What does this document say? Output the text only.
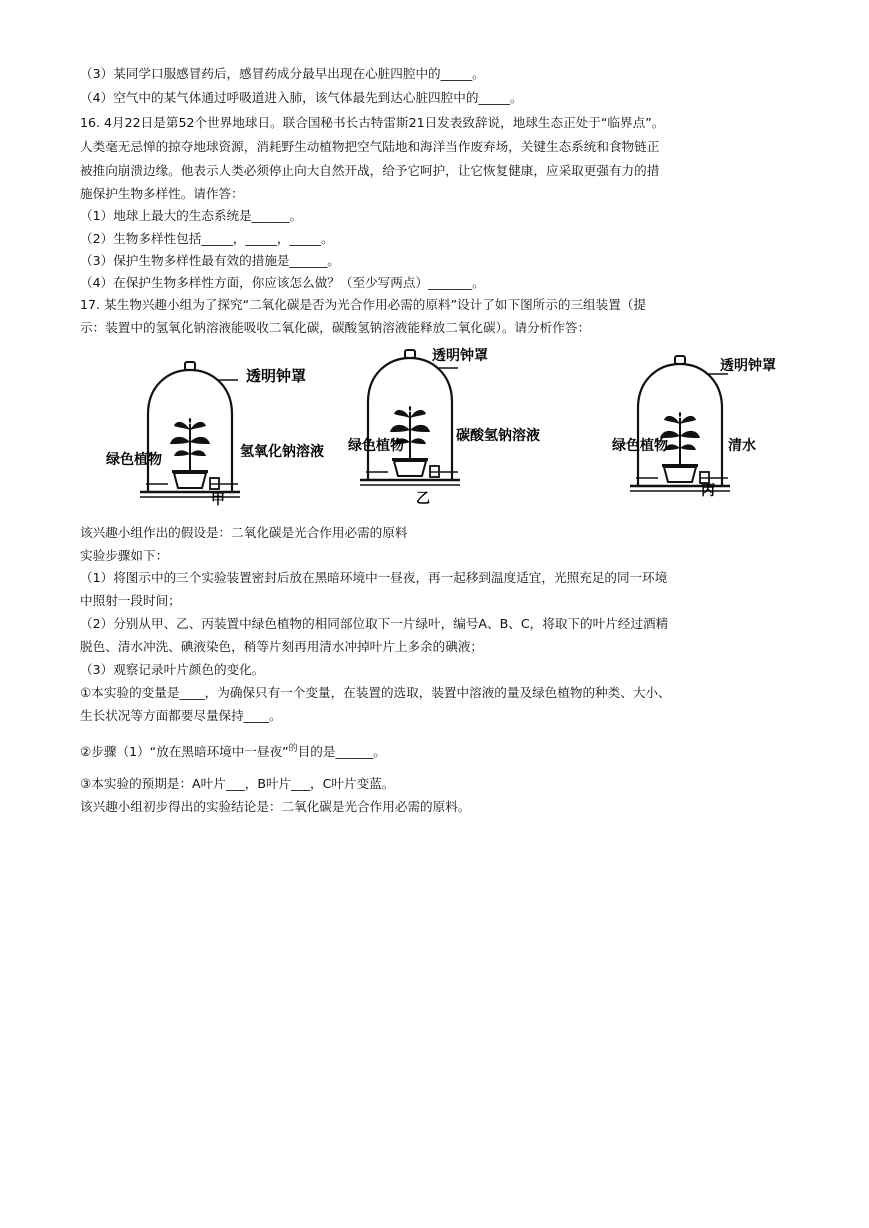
（3）某同学口服感冒药后，感冒药成分最早出现在心脏四腔中的_____。
（4）空气中的某气体通过呼吸道进入肺，该气体最先到达心脏四腔中的_____。
16. 4月22日是第52个世界地球日。联合国秘书长古特雷斯21日发表致辞说，地球生态正处于“临界点”。
人类毫无忌惮的掠夺地球资源，消耗野生动植物把空气陆地和海洋当作废弃场，关键生态系统和食物链正
被推向崩溃边缘。他表示人类必须停止向大自然开战，给予它呵护，让它恢复健康，应采取更强有力的措
施保护生物多样性。请作答：
（1）地球上最大的生态系统是______。
（2）生物多样性包括_____，_____，_____。
（3）保护生物多样性最有效的措施是______。
（4）在保护生物多样性方面，你应该怎么做？（至少写两点）_______。
17. 某生物兴趣小组为了探究“二氧化碳是否为光合作用必需的原料”设计了如下图所示的三组装置（提
示：装置中的氢氧化钠溶液能吸收二氧化碳，碳酸氢钠溶液能释放二氧化碳）。请分析作答：
透明钟罩
甲
绿色植物	氢氧化钠溶液
透明钟罩
乙
绿色植物
碳酸氢钠溶液
透明钟罩
丙
绿色植物	清水
该兴趣小组作出的假设是：二氧化碳是光合作用必需的原料
实验步骤如下：
（1）将图示中的三个实验装置密封后放在黑暗环境中一昼夜，再一起移到温度适宜，光照充足的同一环境
中照射一段时间；
（2）分别从甲、乙、丙装置中绿色植物的相同部位取下一片绿叶，编号A、B、C，将取下的叶片经过酒精
脱色、清水冲洗、碘液染色，稍等片刻再用清水冲掉叶片上多余的碘液；
（3）观察记录叶片颜色的变化。
①本实验的变量是____，为确保只有一个变量，在装置的选取，装置中溶液的量及绿色植物的种类、大小、
生长状况等方面都要尽量保持____。
②步骤（1）“放在黑暗环境中一昼夜”$^的$目的是______。
③本实验的预期是：A叶片___，B叶片___，C叶片变蓝。
该兴趣小组初步得出的实验结论是：二氧化碳是光合作用必需的原料。
